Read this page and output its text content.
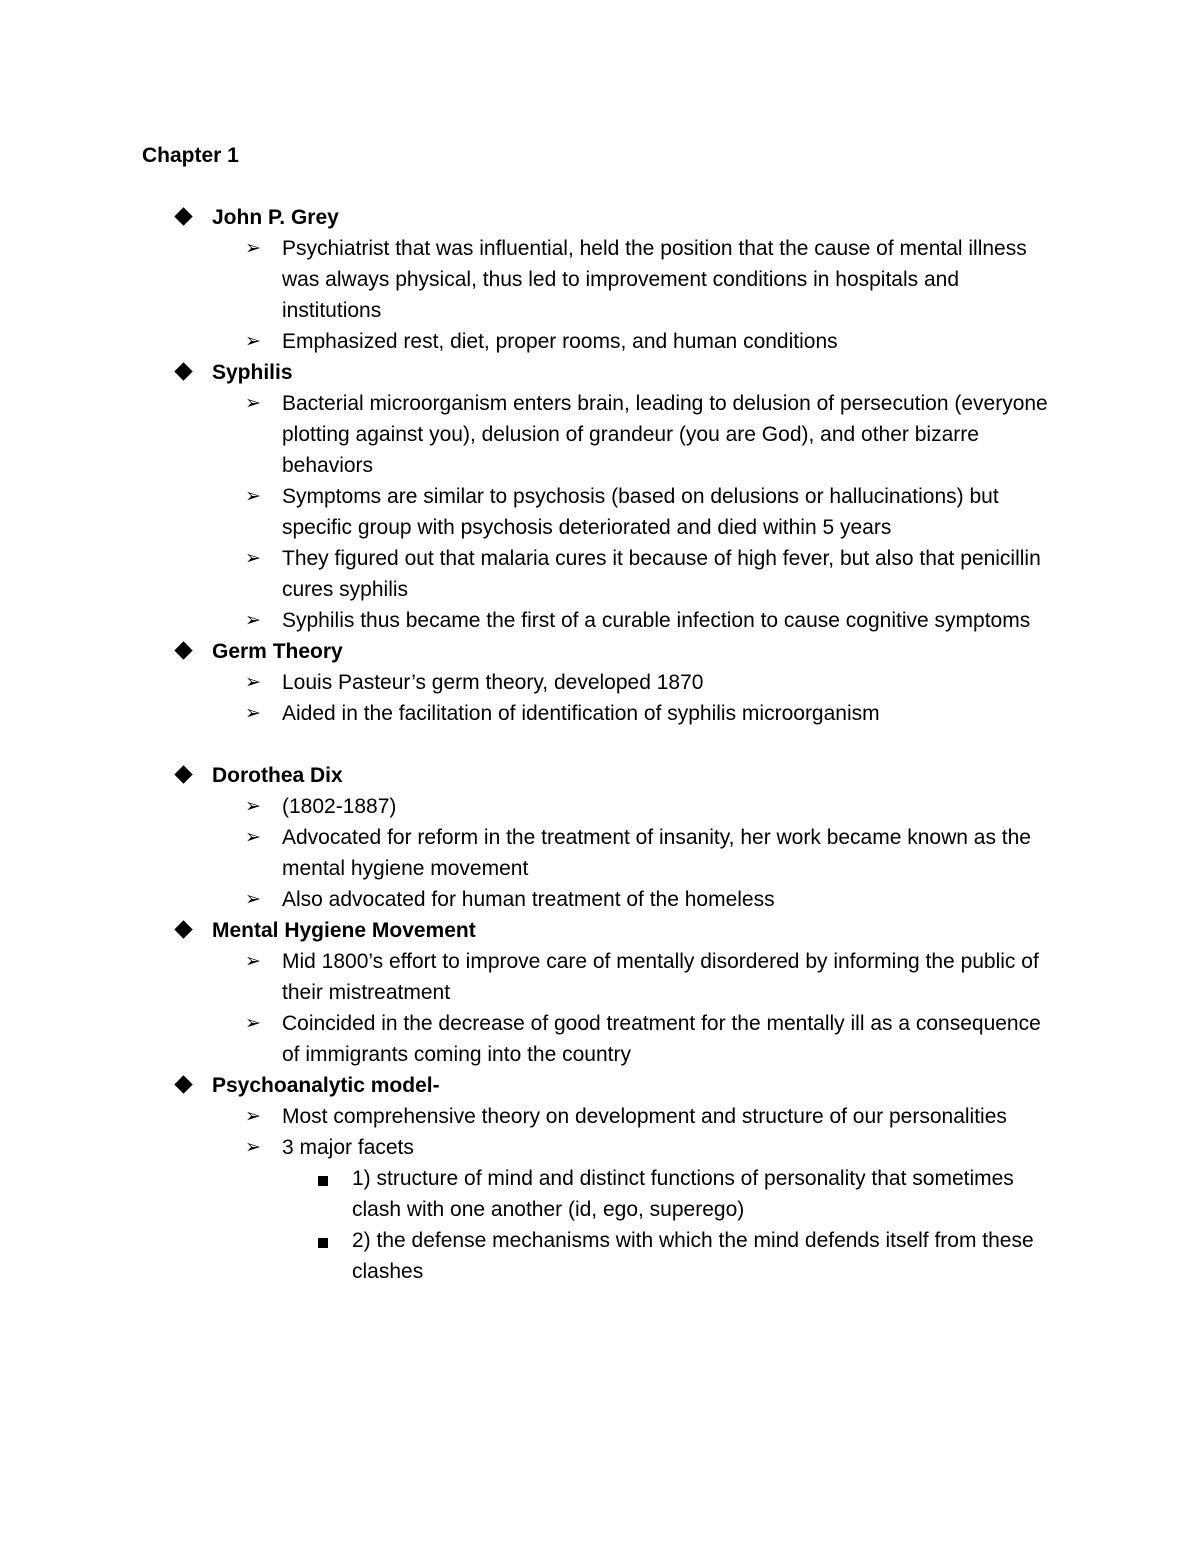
Chapter 1
John P. Grey
➢	Psychiatrist that was influential, held the position that the cause of mental illness was always physical, thus led to improvement conditions in hospitals and institutions
➢	Emphasized rest, diet, proper rooms, and human conditions
Syphilis
➢	Bacterial microorganism enters brain, leading to delusion of persecution (everyone plotting against you), delusion of grandeur (you are God), and other bizarre behaviors
➢	Symptoms are similar to psychosis (based on delusions or hallucinations) but specific group with psychosis deteriorated and died within 5 years
➢	They figured out that malaria cures it because of high fever, but also that penicillin cures syphilis
➢	Syphilis thus became the first of a curable infection to cause cognitive symptoms
Germ Theory
➢	Louis Pasteur’s germ theory, developed 1870
➢	Aided in the facilitation of identification of syphilis microorganism
Dorothea Dix
➢	(1802-1887)
➢	Advocated for reform in the treatment of insanity, her work became known as the mental hygiene movement
➢	Also advocated for human treatment of the homeless
Mental Hygiene Movement
➢	Mid 1800’s effort to improve care of mentally disordered by informing the public of their mistreatment
➢	Coincided in the decrease of good treatment for the mentally ill as a consequence of immigrants coming into the country
Psychoanalytic model-
➢	Most comprehensive theory on development and structure of our personalities
➢	3 major facets
1) structure of mind and distinct functions of personality that sometimes clash with one another (id, ego, superego)
2) the defense mechanisms with which the mind defends itself from these clashes
